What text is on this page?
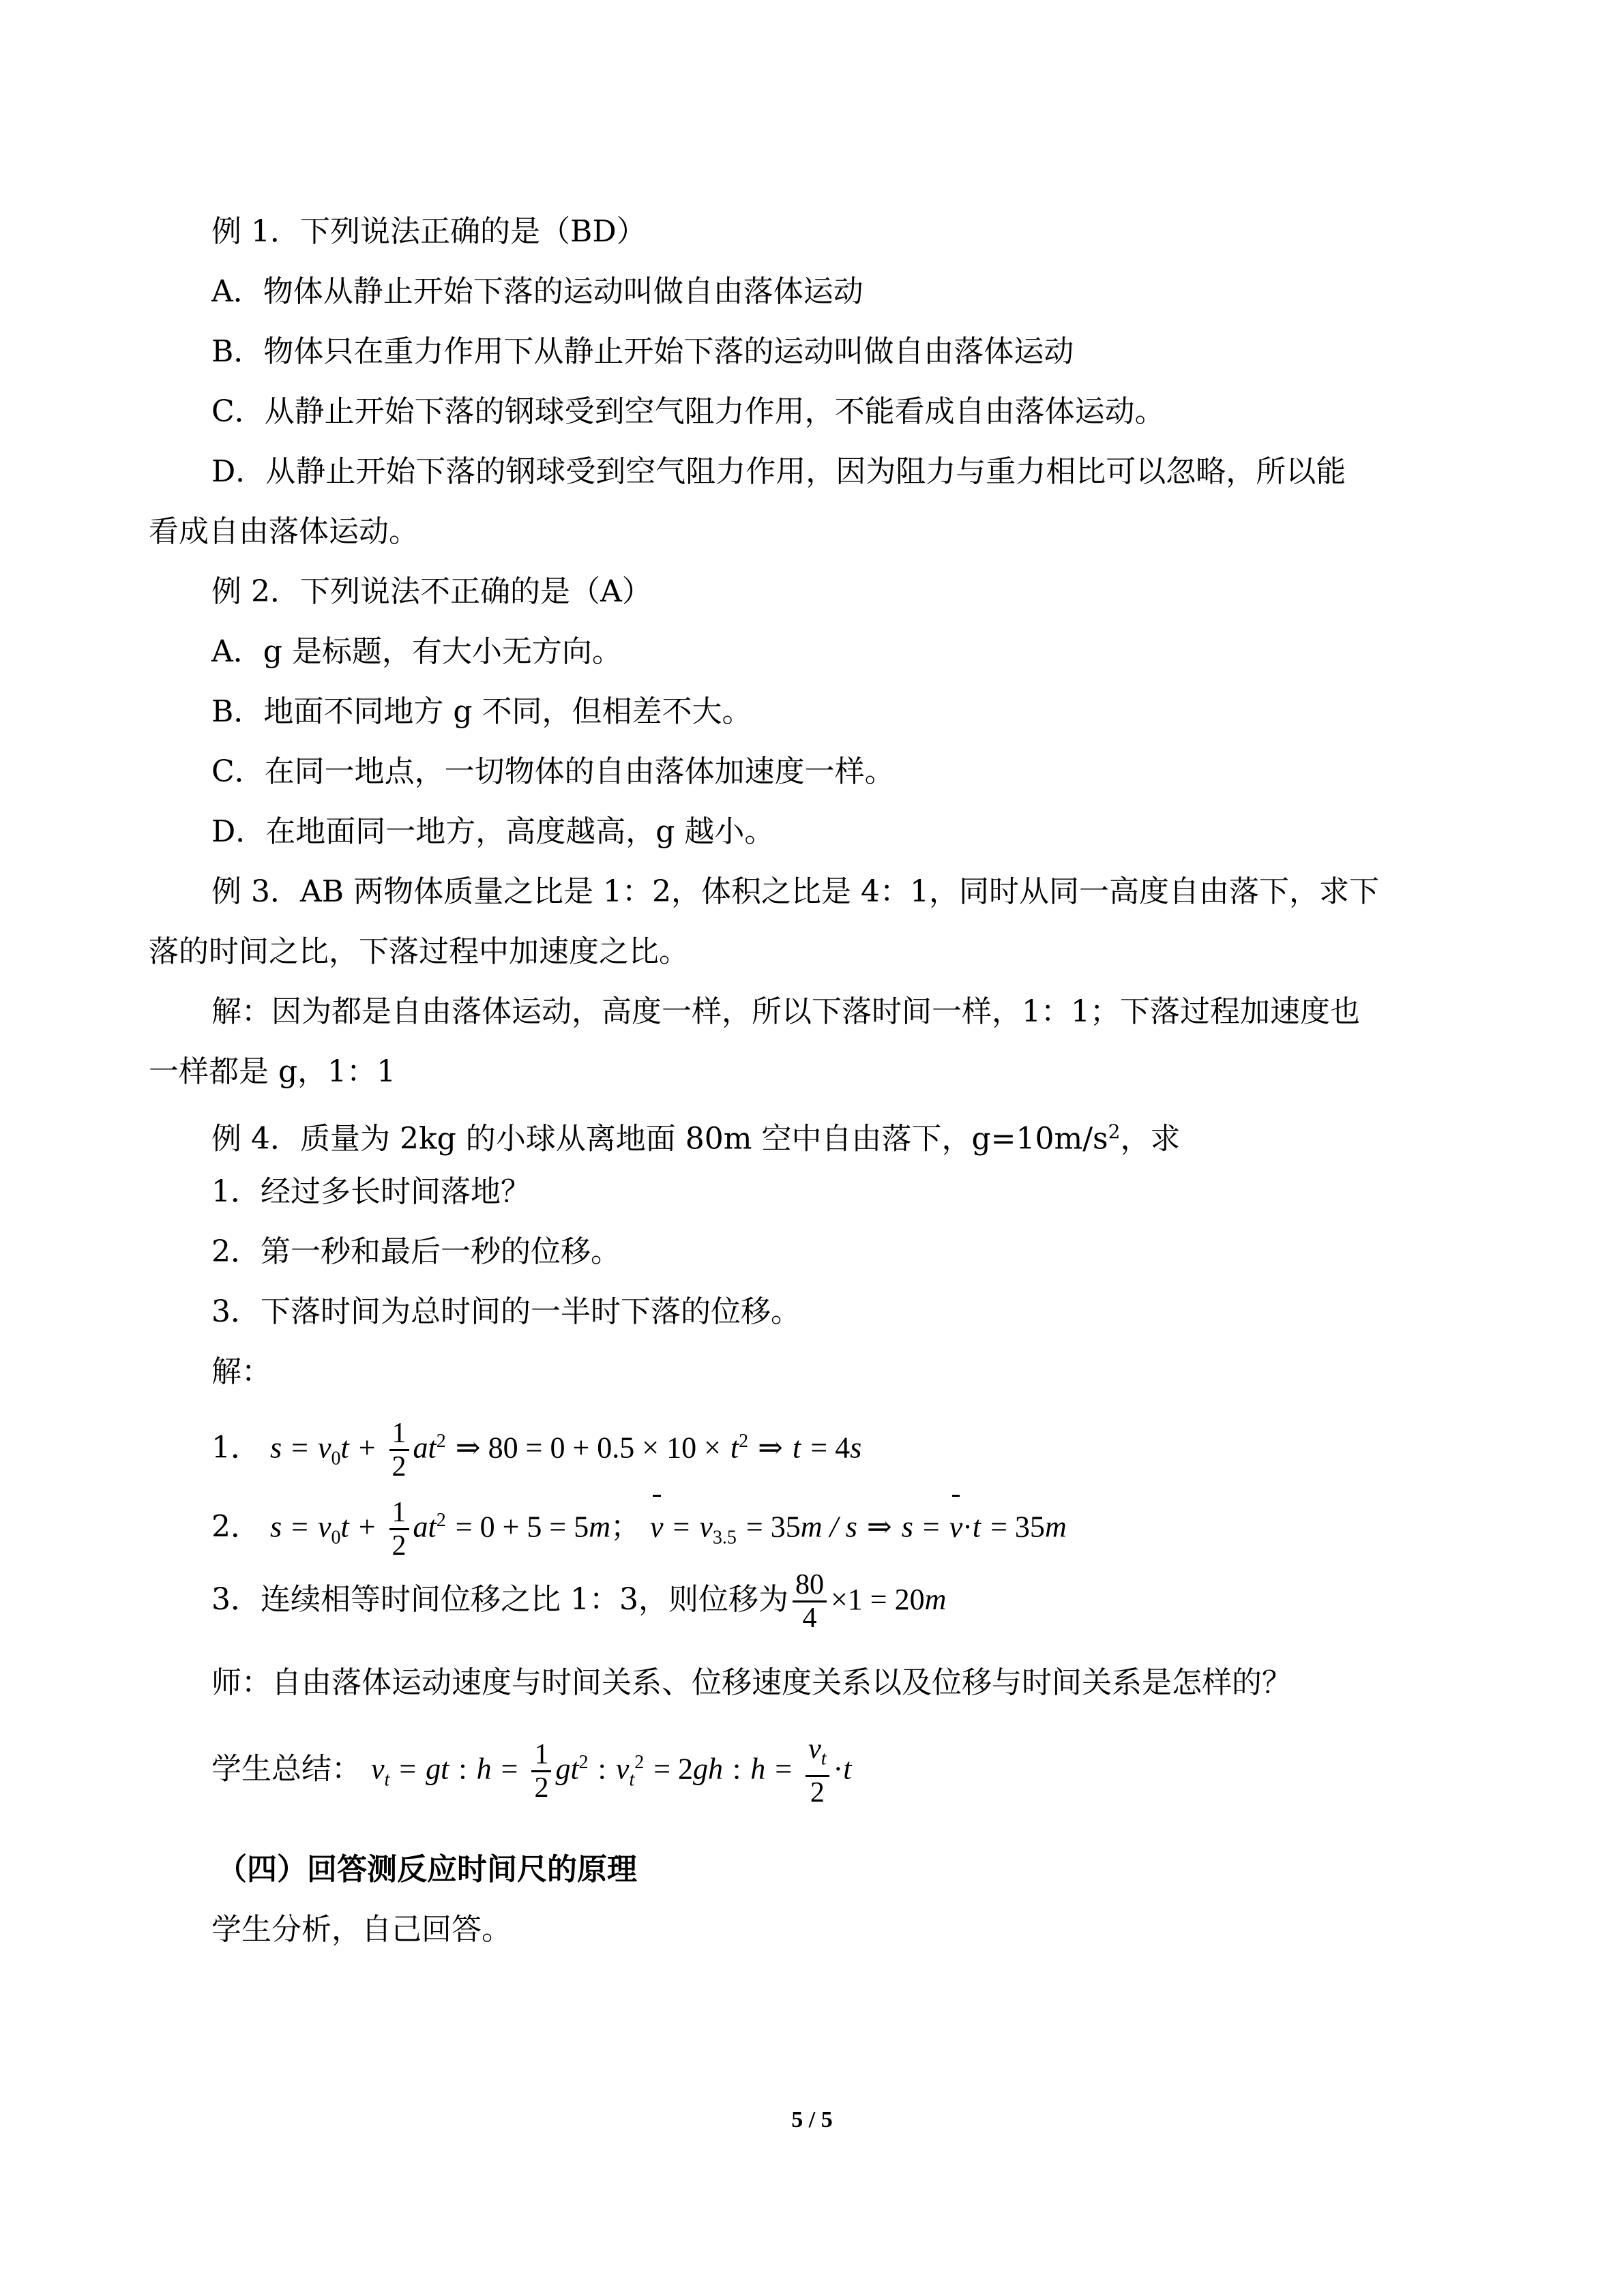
例 1．下列说法正确的是（BD）
A．物体从静止开始下落的运动叫做自由落体运动
B．物体只在重力作用下从静止开始下落的运动叫做自由落体运动
C．从静止开始下落的钢球受到空气阻力作用，不能看成自由落体运动。
D．从静止开始下落的钢球受到空气阻力作用，因为阻力与重力相比可以忽略，所以能
看成自由落体运动。
例 2．下列说法不正确的是（A）
A．g 是标题，有大小无方向。
B．地面不同地方 g 不同，但相差不大。
C．在同一地点，一切物体的自由落体加速度一样。
D．在地面同一地方，高度越高，g 越小。
例 3．AB 两物体质量之比是 1：2，体积之比是 4：1，同时从同一高度自由落下，求下
落的时间之比，下落过程中加速度之比。
解：因为都是自由落体运动，高度一样，所以下落时间一样，1：1；下落过程加速度也
一样都是 g，1：1
例 4．质量为 2kg 的小球从离地面 80m 空中自由落下，$g=10m/s^2$，求
1．经过多长时间落地？
2．第一秒和最后一秒的位移。
3．下落时间为总时间的一半时下落的位移。
解：
1． $s = v_0t + \frac{1}{2} at^2$ ⇒ $80 = 0 + 0.5 \times 10 \times t^2$ ⇒ t = 4s
2． $s = v_0t + \frac{1}{2} at^2 = 0 + 5 = 5m$； $v = v_{3.5} = 35m / s$ ⇒ s = v·t = 35m
3．连续相等时间位移之比 1：3，则位移为 $\frac{80}{4} \times 1 = 20m$
师：自由落体运动速度与时间关系、位移速度关系以及位移与时间关系是怎样的？
学生总结： $v_t$ = gt : $h = \frac{1}{2} gt^2$ : $v_t^2 = 2gh$ : $h = \frac{v_t}{2} \cdot t$
（四）回答测反应时间尺的原理
学生分析，自己回答。
5 / 5
